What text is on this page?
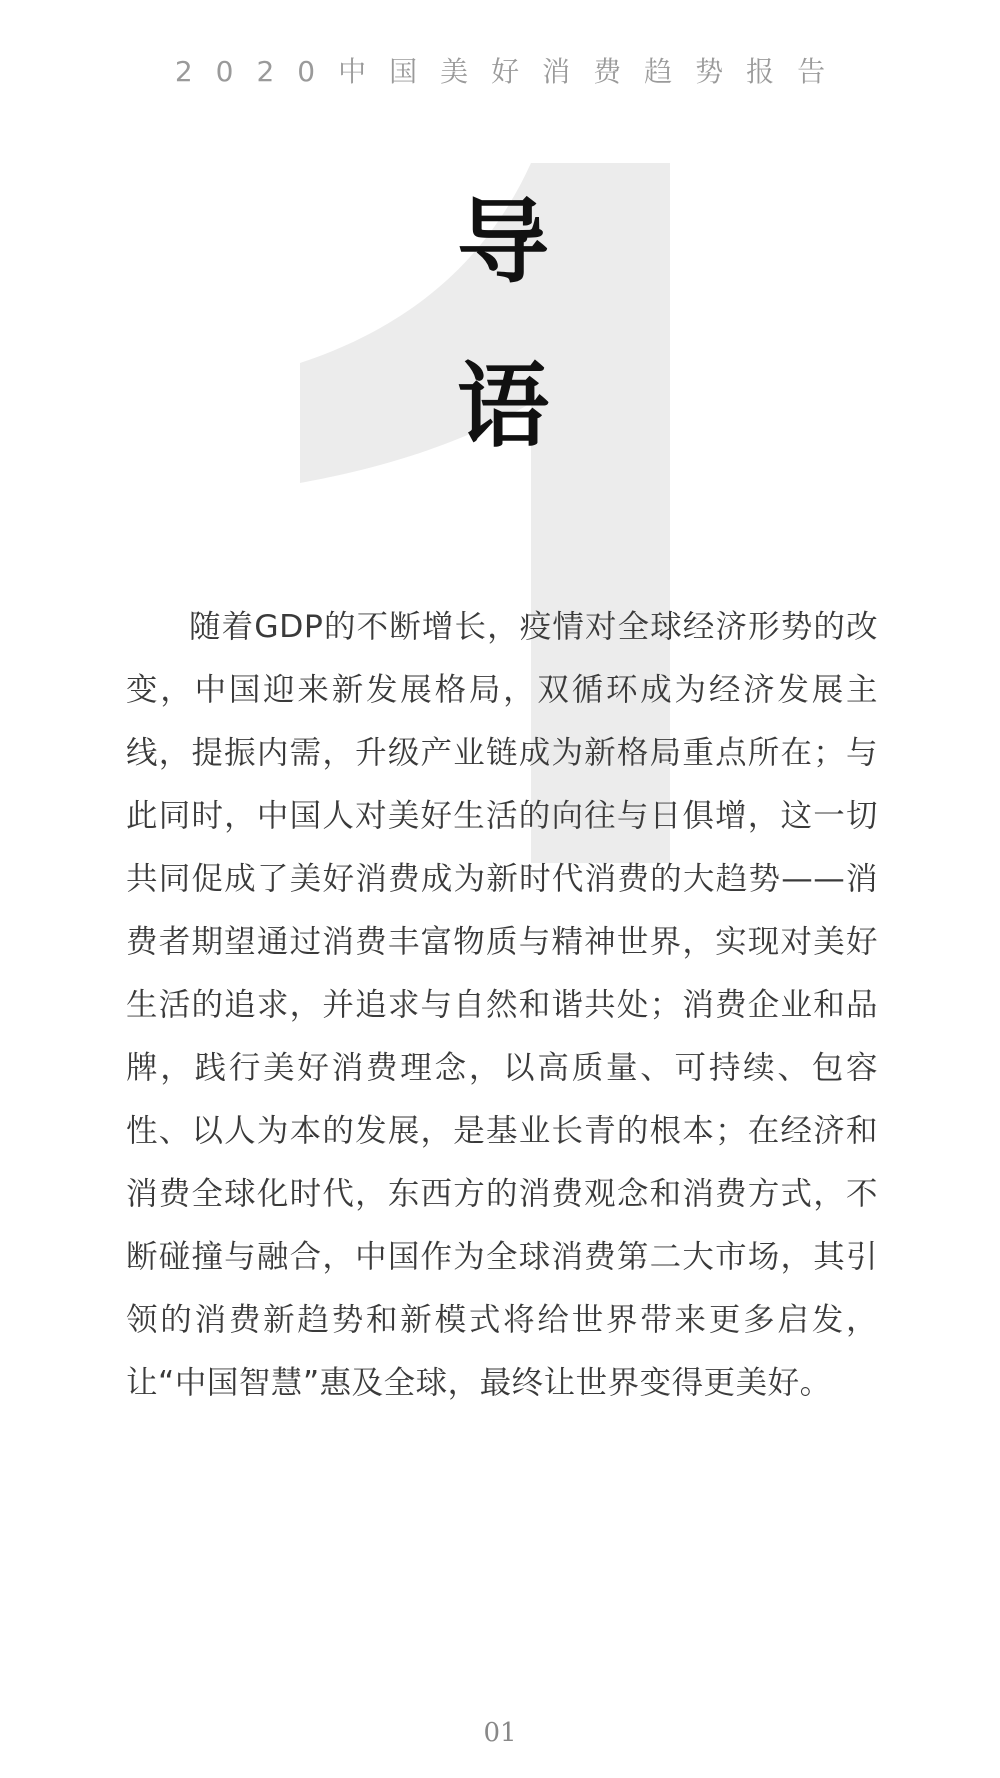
2020中国美好消费趋势报告
导
语
随着GDP的不断增长，疫情对全球经济形势的改变，中国迎来新发展格局，双循环成为经济发展主线，提振内需，升级产业链成为新格局重点所在；与此同时，中国人对美好生活的向往与日俱增，这一切共同促成了美好消费成为新时代消费的大趋势——消费者期望通过消费丰富物质与精神世界，实现对美好生活的追求，并追求与自然和谐共处；消费企业和品牌，践行美好消费理念，以高质量、可持续、包容性、以人为本的发展，是基业长青的根本；在经济和消费全球化时代，东西方的消费观念和消费方式，不断碰撞与融合，中国作为全球消费第二大市场，其引领的消费新趋势和新模式将给世界带来更多启发，让“中国智慧”惠及全球，最终让世界变得更美好。
01
